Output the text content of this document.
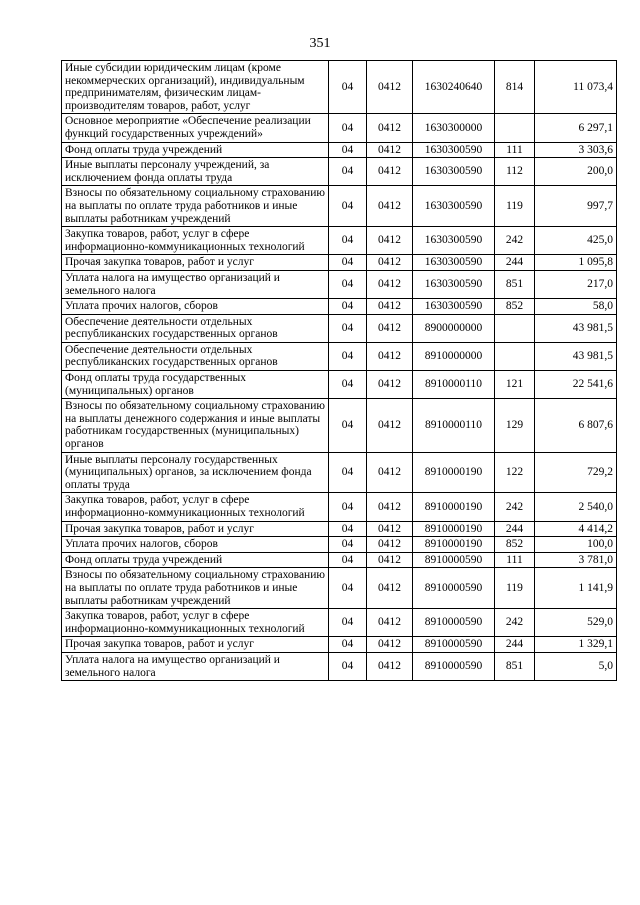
351
Иные субсидии юридическим лицам (кроме некоммерческих организаций), индивидуальным предпринимателям, физическим лицам-производителям товаров, работ, услуг	04	0412	1630240640	814	11 073,4
Основное мероприятие «Обеспечение реализации функций государственных учреждений»	04	0412	1630300000		6 297,1
Фонд оплаты труда учреждений	04	0412	1630300590	111	3 303,6
Иные выплаты персоналу учреждений, за исключением фонда оплаты труда	04	0412	1630300590	112	200,0
Взносы по обязательному социальному страхованию на выплаты по оплате труда работников и иные выплаты работникам учреждений	04	0412	1630300590	119	997,7
Закупка товаров, работ, услуг в сфере информационно-коммуникационных технологий	04	0412	1630300590	242	425,0
Прочая закупка товаров, работ и услуг	04	0412	1630300590	244	1 095,8
Уплата налога на имущество организаций и земельного налога	04	0412	1630300590	851	217,0
Уплата прочих налогов, сборов	04	0412	1630300590	852	58,0
Обеспечение деятельности отдельных республиканских государственных органов	04	0412	8900000000		43 981,5
Обеспечение деятельности отдельных республиканских государственных органов	04	0412	8910000000		43 981,5
Фонд оплаты труда государственных (муниципальных) органов	04	0412	8910000110	121	22 541,6
Взносы по обязательному социальному страхованию на выплаты денежного содержания и иные выплаты работникам государственных (муниципальных) органов	04	0412	8910000110	129	6 807,6
Иные выплаты персоналу государственных (муниципальных) органов, за исключением фонда оплаты труда	04	0412	8910000190	122	729,2
Закупка товаров, работ, услуг в сфере информационно-коммуникационных технологий	04	0412	8910000190	242	2 540,0
Прочая закупка товаров, работ и услуг	04	0412	8910000190	244	4 414,2
Уплата прочих налогов, сборов	04	0412	8910000190	852	100,0
Фонд оплаты труда учреждений	04	0412	8910000590	111	3 781,0
Взносы по обязательному социальному страхованию на выплаты по оплате труда работников и иные выплаты работникам учреждений	04	0412	8910000590	119	1 141,9
Закупка товаров, работ, услуг в сфере информационно-коммуникационных технологий	04	0412	8910000590	242	529,0
Прочая закупка товаров, работ и услуг	04	0412	8910000590	244	1 329,1
Уплата налога на имущество организаций и земельного налога	04	0412	8910000590	851	5,0
